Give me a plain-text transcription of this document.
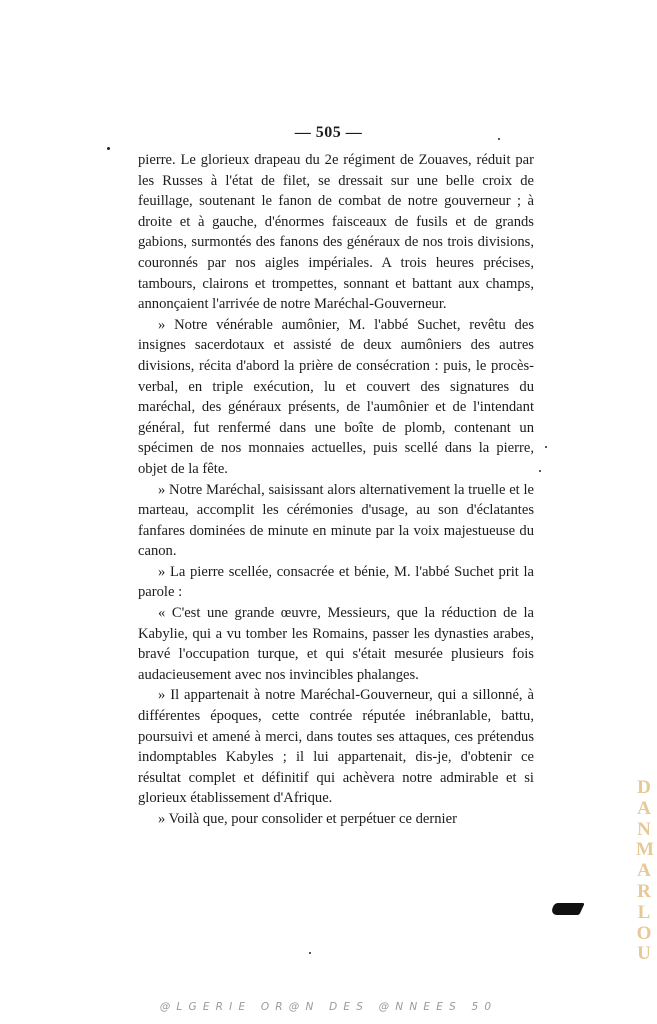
— 505 —

pierre. Le glorieux drapeau du 2e régiment de Zouaves, réduit par les Russes à l'état de filet, se dressait sur une belle croix de feuillage, soutenant le fanon de combat de notre gouverneur ; à droite et à gauche, d'énormes faisceaux de fusils et de grands gabions, surmontés des fanons des généraux de nos trois divisions, couronnés par nos aigles impériales. A trois heures précises, tambours, clairons et trompettes, sonnant et battant aux champs, annonçaient l'arrivée de notre Maréchal-Gouverneur.

» Notre vénérable aumônier, M. l'abbé Suchet, revêtu des insignes sacerdotaux et assisté de deux aumôniers des autres divisions, récita d'abord la prière de consécration : puis, le procès-verbal, en triple exécution, lu et couvert des signatures du maréchal, des généraux présents, de l'aumônier et de l'intendant général, fut renfermé dans une boîte de plomb, contenant un spécimen de nos monnaies actuelles, puis scellé dans la pierre, objet de la fête.

» Notre Maréchal, saisissant alors alternativement la truelle et le marteau, accomplit les cérémonies d'usage, au son d'éclatantes fanfares dominées de minute en minute par la voix majestueuse du canon.

» La pierre scellée, consacrée et bénie, M. l'abbé Suchet prit la parole :

« C'est une grande œuvre, Messieurs, que la réduction de la Kabylie, qui a vu tomber les Romains, passer les dynasties arabes, bravé l'occupation turque, et qui s'était mesurée plusieurs fois audacieusement avec nos invincibles phalanges.

» Il appartenait à notre Maréchal-Gouverneur, qui a sillonné, à différentes époques, cette contrée réputée inébranlable, battu, poursuivi et amené à merci, dans toutes ses attaques, ces prétendus indomptables Kabyles ; il lui appartenait, dis-je, d'obtenir ce résultat complet et définitif qui achèvera notre admirable et si glorieux établissement d'Afrique.

» Voilà que, pour consolider et perpétuer ce dernier

DANMARLOU
@LGERIE OR@N DES @NNEES 50
